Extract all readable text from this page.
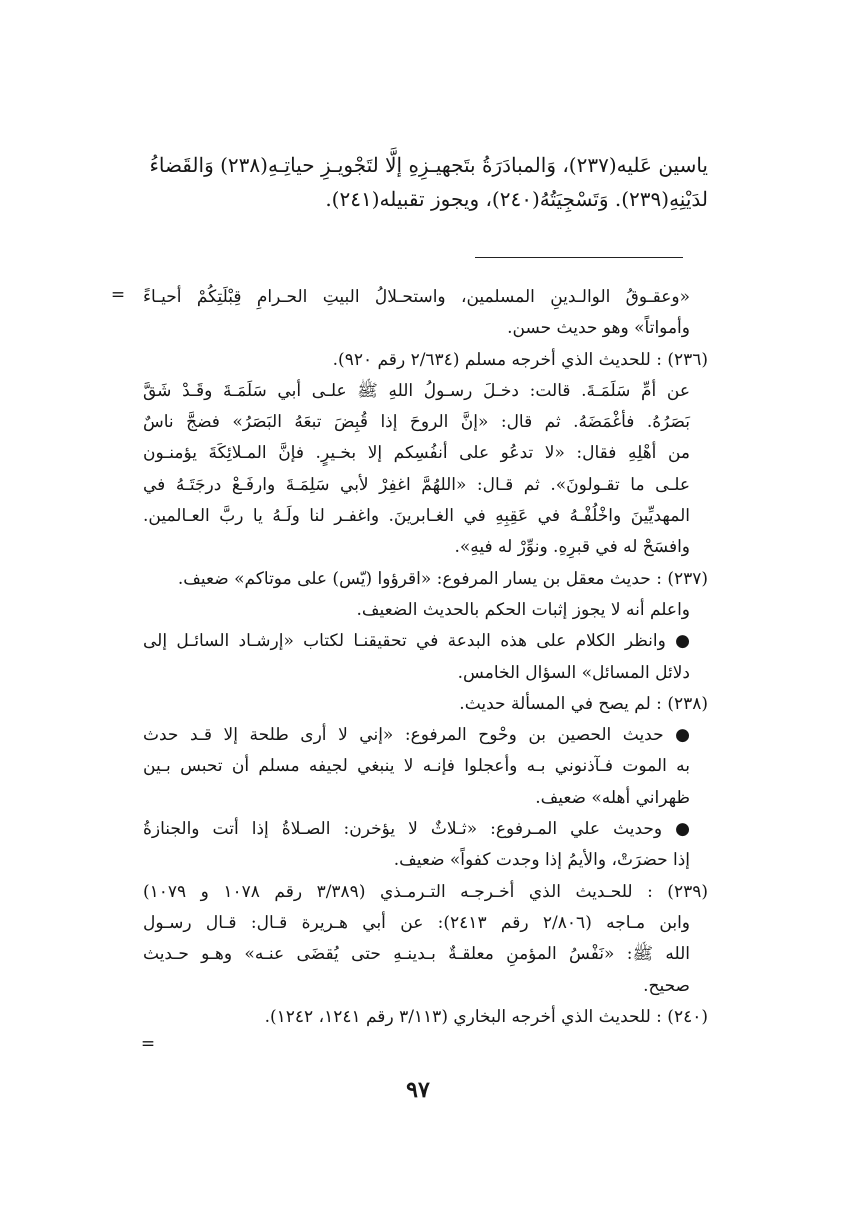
ياسين عَليه(٢٣٧)، وَالمبادَرَةُ بتَجهيـزِهِ إلَّا لتَجْويـزِ حياتِـهِ(٢٣٨) وَالقَضاءُ

لدَيْنِهِ(٢٣٩). وَتَسْجِيَتُهُ(٢٤٠)، ويجوز تقبيله(٢٤١).

= «وعقـوقُ الوالـدينِ المسلمين، واستحـلالُ البيتِ الحـرامِ قِبْلَتِكُمْ أحيـاءً

وأمواتاً» وهو حديث حسن.

(٢٣٦) : للحديث الذي أخرجه مسلم (٢/٦٣٤ رقم ٩٢٠).

عن أمِّ سَلَمَـةَ. قالت: دخـلَ رسـولُ اللهِ ﷺ علـى أبي سَلَمَـةَ وقَـدْ شَقَّ

بَصَرُهُ. فأغْمَضَهُ. ثم قال: «إنَّ الروحَ إذا قُبِضَ تبعَهُ البَصَرُ» فضجَّ ناسٌ

من أهْلِهِ فقال: «لا تدعُو على أنفُسِكم إلا بخـيرٍ. فإنَّ المـلائِكَةَ يؤمنـون

علـى ما تقـولونَ». ثم قـال: «اللهُمَّ اغفِرْ لأبي سَلِمَـةَ وارفَـعْ درجَتَـهُ في

المهديِّينَ واخْلُفْـهُ في عَقِبِهِ في الغـابرينَ. واغفـر لنا ولَـهُ يا ربَّ العـالمين.

وافسَحْ له في قبرِهِ. ونوِّرْ له فيهِ».

(٢٣٧) : حديث معقل بن يسار المرفوع: «اقرؤوا (يّس) على موتاكم» ضعيف.

واعلم أنه لا يجوز إثبات الحكم بالحديث الضعيف.

● وانظر الكلام على هذه البدعة في تحقيقنـا لكتاب «إرشـاد السائـل إلى

دلائل المسائل» السؤال الخامس.

(٢٣٨) : لم يصح في المسألة حديث.

● حديث الحصين بن وحْوح المرفوع: «إني لا أرى طلحة إلا قـد حدث

به الموت فـآذنوني بـه وأعجلوا فإنـه لا ينبغي لجيفه مسلم أن تحبس بـين

ظهراني أهله» ضعيف.

● وحديث علي المـرفوع: «ثـلاثٌ لا يؤخرن: الصـلاةُ إذا أتت والجنازةُ

إذا حضرَتْ، والأيمُ إذا وجدت كفواً» ضعيف.

(٢٣٩) : للحـديث الذي أخـرجـه التـرمـذي (٣/٣٨٩ رقم ١٠٧٨ و ١٠٧٩)

وابن مـاجه (٢/٨٠٦ رقم ٢٤١٣): عن أبي هـريرة قـال: قـال رسـول

الله ﷺ: «نَفْسُ المؤمنِ معلقـةٌ بـدينـهِ حتى يُقضَى عنـه» وهـو حـديث

صحيح.

(٢٤٠) : للحديث الذي أخرجه البخاري (٣/١١٣ رقم ١٢٤١، ١٢٤٢).

=
٩٧
